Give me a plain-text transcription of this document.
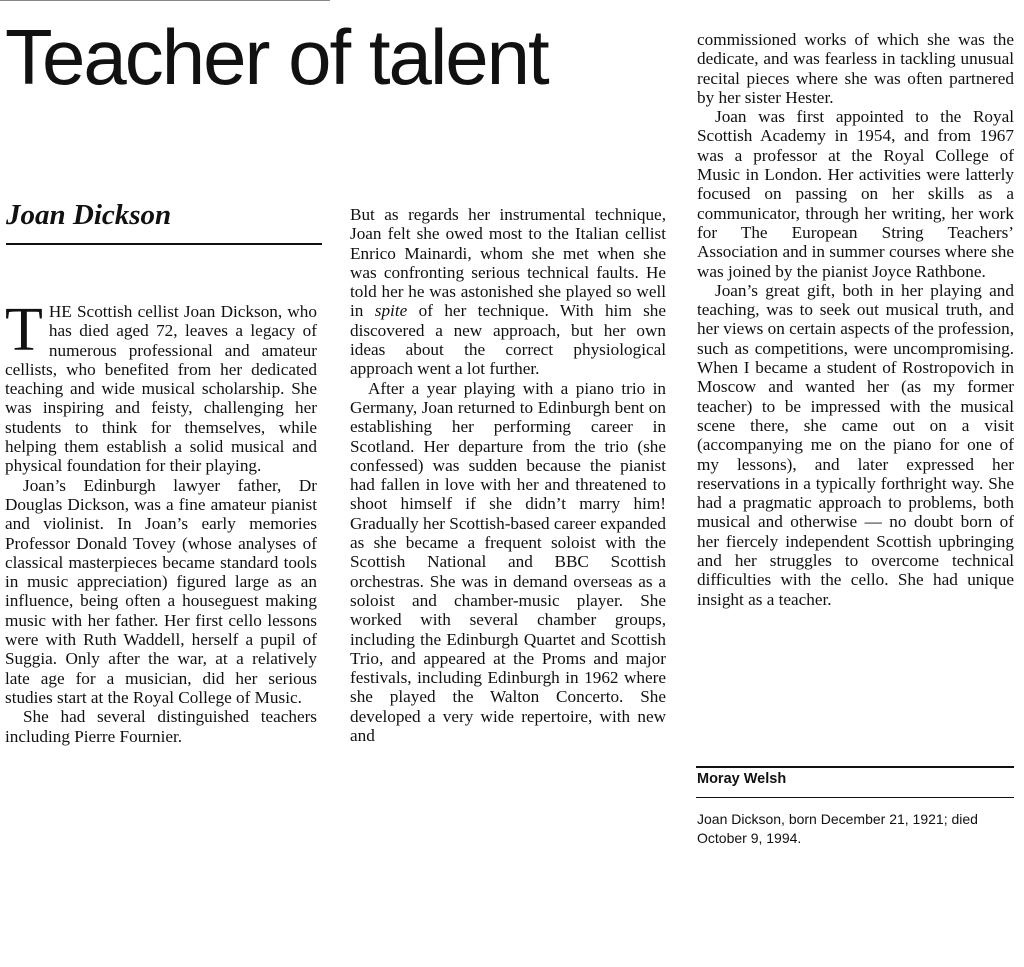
Teacher of talent
Joan Dickson

THE Scottish cellist Joan Dickson, who has died aged 72, leaves a legacy of numerous professional and amateur cellists, who benefited from her dedicated teaching and wide musical scholarship. She was inspiring and feisty, challenging her students to think for themselves, while helping them establish a solid musical and physical foundation for their playing.

Joan’s Edinburgh lawyer father, Dr Douglas Dickson, was a fine amateur pianist and violinist. In Joan’s early memories Professor Donald Tovey (whose analyses of classical masterpieces became standard tools in music appreciation) figured large as an influence, being often a houseguest making music with her father. Her first cello lessons were with Ruth Waddell, herself a pupil of Suggia. Only after the war, at a relatively late age for a musician, did her serious studies start at the Royal College of Music.

She had several distinguished teachers including Pierre Fournier.

But as regards her instrumental technique, Joan felt she owed most to the Italian cellist Enrico Mainardi, whom she met when she was confronting serious technical faults. He told her he was astonished she played so well in spite of her technique. With him she discovered a new approach, but her own ideas about the correct physiological approach went a lot further.

After a year playing with a piano trio in Germany, Joan returned to Edinburgh bent on establishing her performing career in Scotland. Her departure from the trio (she confessed) was sudden because the pianist had fallen in love with her and threatened to shoot himself if she didn’t marry him! Gradually her Scottish-based career expanded as she became a frequent soloist with the Scottish National and BBC Scottish orchestras. She was in demand overseas as a soloist and chamber-music player. She worked with several chamber groups, including the Edinburgh Quartet and Scottish Trio, and appeared at the Proms and major festivals, including Edinburgh in 1962 where she played the Walton Concerto. She developed a very wide repertoire, with new and

commissioned works of which she was the dedicate, and was fearless in tackling unusual recital pieces where she was often partnered by her sister Hester.

Joan was first appointed to the Royal Scottish Academy in 1954, and from 1967 was a professor at the Royal College of Music in London. Her activities were latterly focused on passing on her skills as a communicator, through her writing, her work for The European String Teachers’ Association and in summer courses where she was joined by the pianist Joyce Rathbone.

Joan’s great gift, both in her playing and teaching, was to seek out musical truth, and her views on certain aspects of the profession, such as competitions, were uncompromising. When I became a student of Rostropovich in Moscow and wanted her (as my former teacher) to be impressed with the musical scene there, she came out on a visit (accompanying me on the piano for one of my lessons), and later expressed her reservations in a typically forthright way. She had a pragmatic approach to problems, both musical and otherwise — no doubt born of her fiercely independent Scottish upbringing and her struggles to overcome technical difficulties with the cello. She had unique insight as a teacher.

Moray Welsh

Joan Dickson, born December 21, 1921; died October 9, 1994.
